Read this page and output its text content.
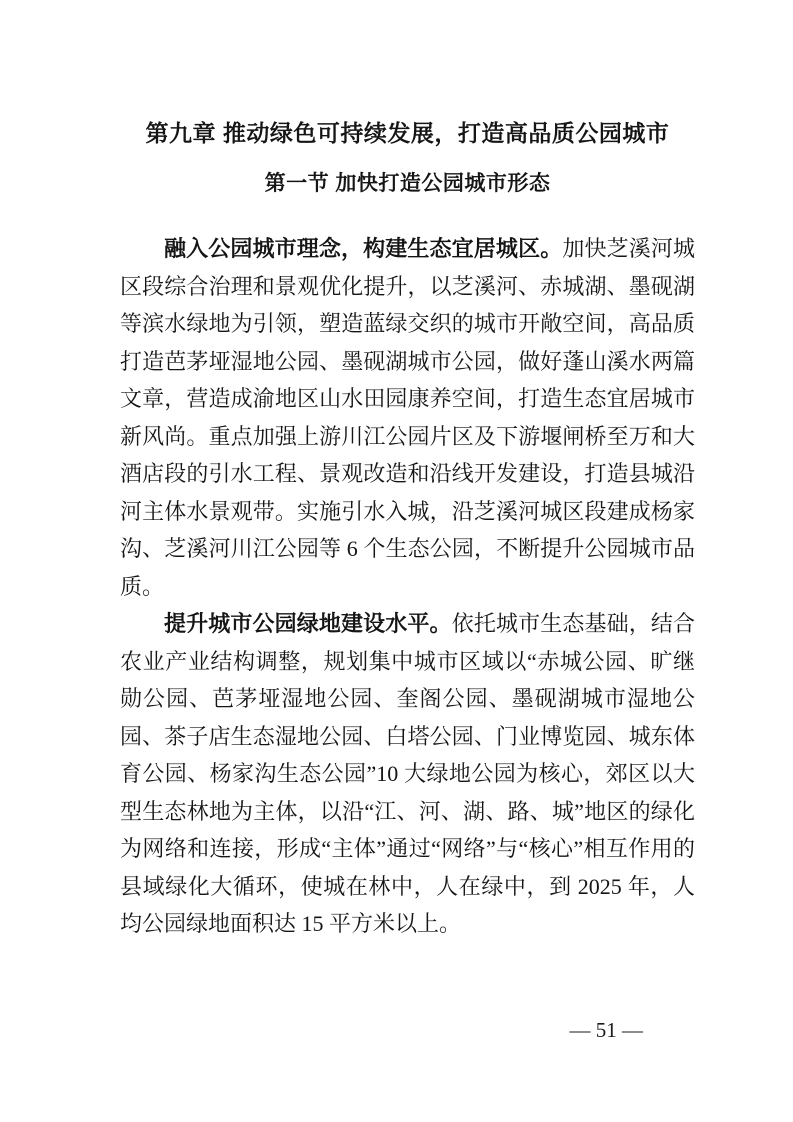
第九章 推动绿色可持续发展，打造高品质公园城市
第一节 加快打造公园城市形态

融入公园城市理念，构建生态宜居城区。加快芝溪河城区段综合治理和景观优化提升，以芝溪河、赤城湖、墨砚湖等滨水绿地为引领，塑造蓝绿交织的城市开敞空间，高品质打造芭茅垭湿地公园、墨砚湖城市公园，做好蓬山溪水两篇文章，营造成渝地区山水田园康养空间，打造生态宜居城市新风尚。重点加强上游川江公园片区及下游堰闸桥至万和大酒店段的引水工程、景观改造和沿线开发建设，打造县城沿河主体水景观带。实施引水入城，沿芝溪河城区段建成杨家沟、芝溪河川江公园等 6 个生态公园，不断提升公园城市品质。

提升城市公园绿地建设水平。依托城市生态基础，结合农业产业结构调整，规划集中城市区域以“赤城公园、旷继勋公园、芭茅垭湿地公园、奎阁公园、墨砚湖城市湿地公园、茶子店生态湿地公园、白塔公园、门业博览园、城东体育公园、杨家沟生态公园”10 大绿地公园为核心，郊区以大型生态林地为主体，以沿“江、河、湖、路、城”地区的绿化为网络和连接，形成“主体”通过“网络”与“核心”相互作用的县域绿化大循环，使城在林中，人在绿中，到 2025 年，人均公园绿地面积达 15 平方米以上。

— 51 —
